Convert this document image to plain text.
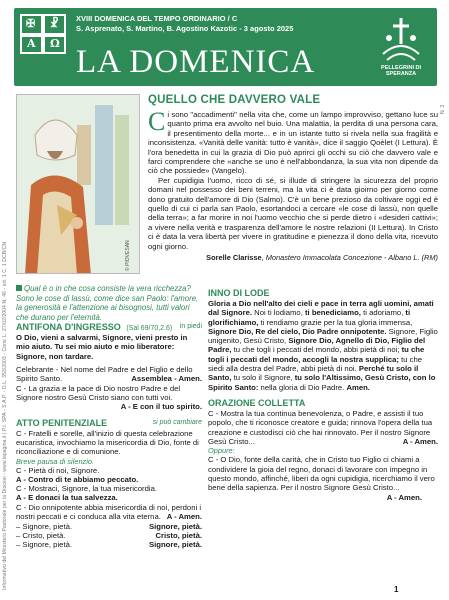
Informativo del Ministero Pastorale per la Diocesi - www.lapagina.it | P.I. SPA - S.A.P. - D.L. 353/2003 - Conv. L. 27/02/2004 N. 46 - art. 1 C. 1 DCB/CN
N. 3
✠ ☧
Α Ω
XVIII DOMENICA DEL TEMPO ORDINARIO / C
S. Asprenato, S. Martino, B. Agostino Kazotic - 3 agosto 2025
LA DOMENICA	PELLEGRINI DI SPERANZA
© PIOVESAN
QUELLO CHE DAVVERO VALE

Ci sono "accadimenti" nella vita che, come un lampo improvviso, gettano luce su quanto prima era avvolto nel buio. Una malattia, la perdita di una persona cara, il presentimento della morte... e in un istante tutto si rivela nella sua fragilità e inconsistenza. «Vanità delle vanità: tutto è vanità», dice il saggio Qoèlet (I Lettura). È l'ora benedetta in cui la grazia di Dio può aprirci gli occhi su ciò che davvero vale e farci comprendere che «anche se uno è nell'abbondanza, la sua vita non dipende da ciò che possiede» (Vangelo).

Per cupidigia l'uomo, ricco di sé, si illude di stringere la sicurezza del proprio domani nel possesso dei beni terreni, ma la vita ci è data gioirno per giorno come dono gratuito dell'amore di Dio (Salmo). C'è un bene prezioso da coltivare oggi ed è quello di cui ci parla san Paolo, esortandoci a cercare «le cose di lassù, non quelle della terra»; a far morire in noi l'uomo vecchio che si perde dietro i «desideri cattivi»; a vivere nella verità e trasparenza dell'amore le nostre relazioni (II Lettura). In Cristo ci è data la vera libertà per vivere in gratitudine e pienezza il dono della vita, ricevuto ogni giorno.

Sorelle Clarisse, Monastero Immacolata Concezione - Albano L. (RM)
Qual è o in che cosa consiste la vera ricchezza? Sono le cose di lassù, come dice san Paolo: l'amore, la generosità e l'attenzione ai bisognosi, tutti valori che durano per l'eternità.
ANTIFONA D'INGRESSO (Sal 69/70,2.6) in piedi
O Dio, vieni a salvarmi, Signore, vieni presto in mio aiuto. Tu sei mio aiuto e mio liberatore: Signore, non tardare.
Celebrante - Nel nome del Padre e del Figlio e dello Spirito Santo.	Assemblea - Amen.
C - La grazia e la pace di Dio nostro Padre e del Signore nostro Gesù Cristo siano con tutti voi.
A - E con il tuo spirito.
ATTO PENITENZIALE	si può cambiare
C - Fratelli e sorelle, all'inizio di questa celebrazione eucaristica, invochiamo la misericordia di Dio, fonte di riconciliazione e di comunione.
Breve pausa di silenzio.
C - Pietà di noi, Signore.
A - Contro di te abbiamo peccato.
C - Mostraci, Signore, la tua misericordia.
A - E donaci la tua salvezza.
C - Dio onnipotente abbia misericordia di noi, perdoni i nostri peccati e ci conduca alla vita eterna. A - Amen.
– Signore, pietà.	Signore, pietà.
– Cristo, pietà.	Cristo, pietà.
– Signore, pietà.	Signore, pietà.
INNO DI LODE
Gloria a Dio nell'alto dei cieli e pace in terra agli uomini, amati dal Signore. Noi ti lodiamo, ti benediciamo, ti adoriamo, ti glorifichiamo, ti rendiamo grazie per la tua gloria immensa, Signore Dio, Re del cielo, Dio Padre onnipotente. Signore, Figlio unigenito, Gesù Cristo, Signore Dio, Agnello di Dio, Figlio del Padre, tu che togli i peccati del mondo, abbi pietà di noi; tu che togli i peccati del mondo, accogli la nostra supplica; tu che siedi alla destra del Padre, abbi pietà di noi. Perché tu solo il Santo, tu solo il Signore, tu solo l'Altissimo, Gesù Cristo, con lo Spirito Santo: nella gloria di Dio Padre. Amen.
ORAZIONE COLLETTA
C - Mostra la tua continua benevolenza, o Padre, e assisti il tuo popolo, che ti riconosce creatore e guida; rinnova l'opera della tua creazione e custodisci ciò che hai rinnovato. Per il nostro Signore Gesù Cristo...	A - Amen.
Oppure:
C - O Dio, fonte della carità, che in Cristo tuo Figlio ci chiami a condividere la gioia del regno, donaci di lavorare con impegno in questo mondo, affinché, liberi da ogni cupidigia, ricerchiamo il vero bene della sapienza. Per il nostro Signore Gesù Cristo...
A - Amen.
1
